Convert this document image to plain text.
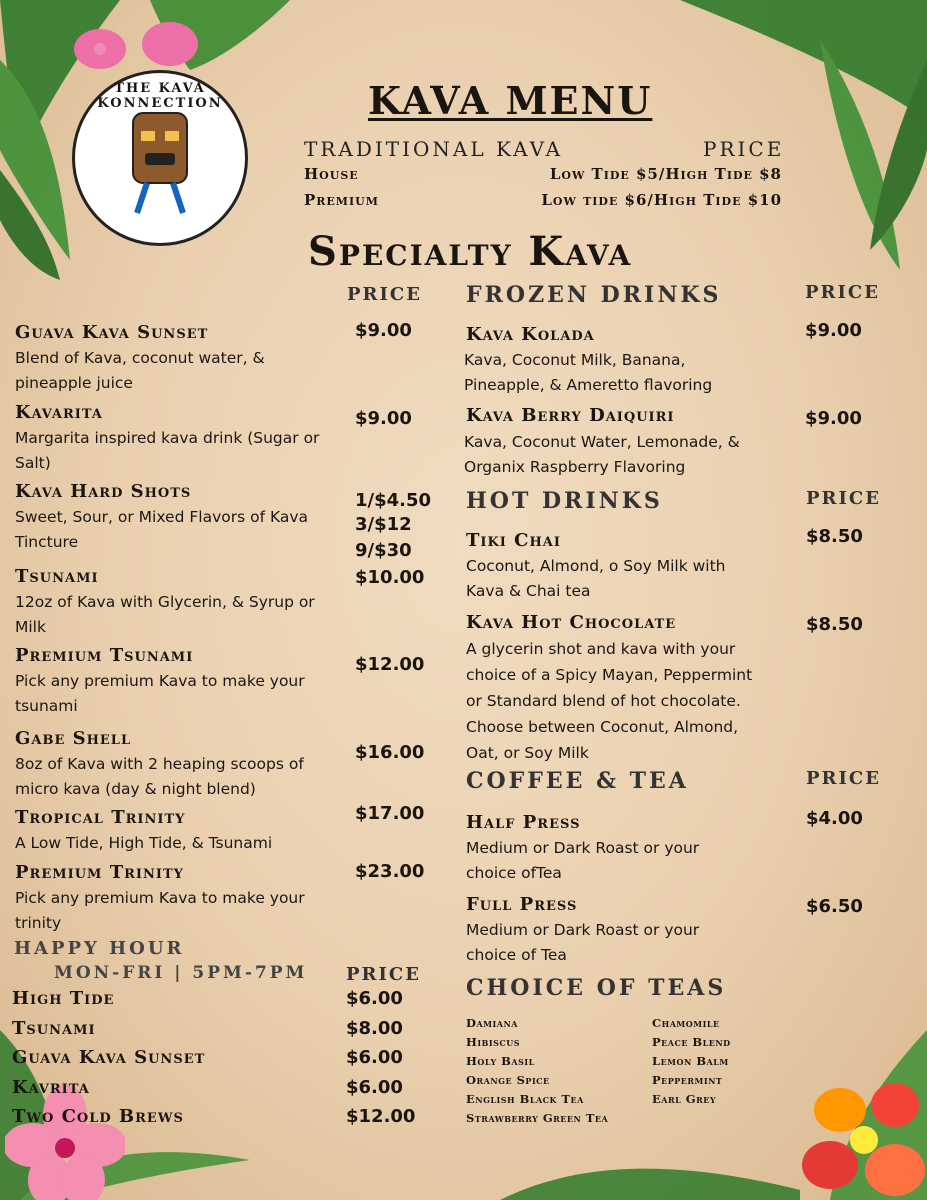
THE KAVA KONNECTION	KAVA MENU
TRADITIONAL KAVA	PRICE
House	Low Tide $5/High Tide $8
Premium	Low tide $6/High Tide $10
Specialty Kava
PRICE
Guava Kava Sunset
Blend of Kava, coconut water, & pineapple juice
$9.00
Kavarita
Margarita inspired kava drink (Sugar or Salt)
$9.00
Kava Hard Shots
Sweet, Sour, or Mixed Flavors of Kava Tincture
1/$4.50
3/$12
9/$30
Tsunami
12oz of Kava with Glycerin, & Syrup or Milk
$10.00
Premium Tsunami
Pick any premium Kava to make your tsunami
$12.00
Gabe Shell
8oz of Kava with 2 heaping scoops of micro kava (day & night blend)
$16.00
Tropical Trinity
A Low Tide, High Tide, & Tsunami
$17.00
Premium Trinity
Pick any premium Kava to make your trinity
$23.00
HAPPY HOUR
MON-FRI | 5PM-7PM PRICE
High Tide	$6.00
Tsunami	$8.00
Guava Kava Sunset	$6.00
Kavrita	$6.00
Two Cold Brews	$12.00
FROZEN DRINKS	PRICE
Kava Kolada
Kava, Coconut Milk, Banana, Pineapple, & Ameretto flavoring
$9.00
Kava Berry Daiquiri
Kava, Coconut Water, Lemonade, & Organix Raspberry Flavoring
$9.00
HOT DRINKS	PRICE
Tiki Chai
Coconut, Almond, o Soy Milk with Kava & Chai tea
$8.50
Kava Hot Chocolate
A glycerin shot and kava with your choice of a Spicy Mayan, Peppermint or Standard blend of hot chocolate. Choose between Coconut, Almond, Oat, or Soy Milk
$8.50
COFFEE & TEA	PRICE
Half Press
Medium or Dark Roast or your choice ofTea
$4.00
Full Press
Medium or Dark Roast or your choice of Tea
$6.50
CHOICE OF TEAS
Damiana
Hibiscus
Holy Basil
Orange Spice
English Black Tea
Strawberry Green Tea
Chamomile
Peace Blend
Lemon Balm
Peppermint
Earl Grey
